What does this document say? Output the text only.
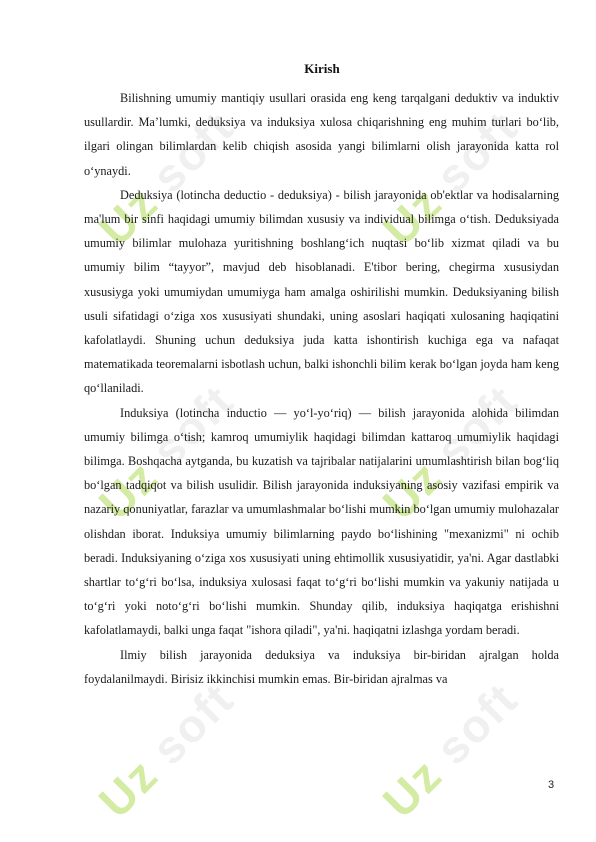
Uz soft
Uz soft
Uz soft
Uz soft
Uz soft
Uz soft
Kirish

Bilishning umumiy mantiqiy usullari orasida eng keng tarqalgani deduktiv va induktiv usullardir. Ma’lumki, deduksiya va induksiya xulosa chiqarishning eng muhim turlari bo‘lib, ilgari olingan bilimlardan kelib chiqish asosida yangi bilimlarni olish jarayonida katta rol o‘ynaydi.

Deduksiya (lotincha deductio - deduksiya) - bilish jarayonida ob'ektlar va hodisalarning ma'lum bir sinfi haqidagi umumiy bilimdan xususiy va individual bilimga o‘tish. Deduksiyada umumiy bilimlar mulohaza yuritishning boshlang‘ich nuqtasi bo‘lib xizmat qiladi va bu umumiy bilim “tayyor”, mavjud deb hisoblanadi. E'tibor bering, chegirma xususiydan xususiyga yoki umumiydan umumiyga ham amalga oshirilishi mumkin. Deduksiyaning bilish usuli sifatidagi o‘ziga xos xususiyati shundaki, uning asoslari haqiqati xulosaning haqiqatini kafolatlaydi. Shuning uchun deduksiya juda katta ishontirish kuchiga ega va nafaqat matematikada teoremalarni isbotlash uchun, balki ishonchli bilim kerak bo‘lgan joyda ham keng qo‘llaniladi.

Induksiya (lotincha inductio — yo‘l-yo‘riq) — bilish jarayonida alohida bilimdan umumiy bilimga o‘tish; kamroq umumiylik haqidagi bilimdan kattaroq umumiylik haqidagi bilimga. Boshqacha aytganda, bu kuzatish va tajribalar natijalarini umumlashtirish bilan bog‘liq bo‘lgan tadqiqot va bilish usulidir. Bilish jarayonida induksiyaning asosiy vazifasi empirik va nazariy qonuniyatlar, farazlar va umumlashmalar bo‘lishi mumkin bo‘lgan umumiy mulohazalar olishdan iborat. Induksiya umumiy bilimlarning paydo bo‘lishining "mexanizmi" ni ochib beradi. Induksiyaning o‘ziga xos xususiyati uning ehtimollik xususiyatidir, ya'ni. Agar dastlabki shartlar to‘g‘ri bo‘lsa, induksiya xulosasi faqat to‘g‘ri bo‘lishi mumkin va yakuniy natijada u to‘g‘ri yoki noto‘g‘ri bo‘lishi mumkin. Shunday qilib, induksiya haqiqatga erishishni kafolatlamaydi, balki unga faqat "ishora qiladi", ya'ni. haqiqatni izlashga yordam beradi.

Ilmiy bilish jarayonida deduksiya va induksiya bir-biridan ajralgan holda foydalanilmaydi. Birisiz ikkinchisi mumkin emas. Bir-biridan ajralmas va

3
